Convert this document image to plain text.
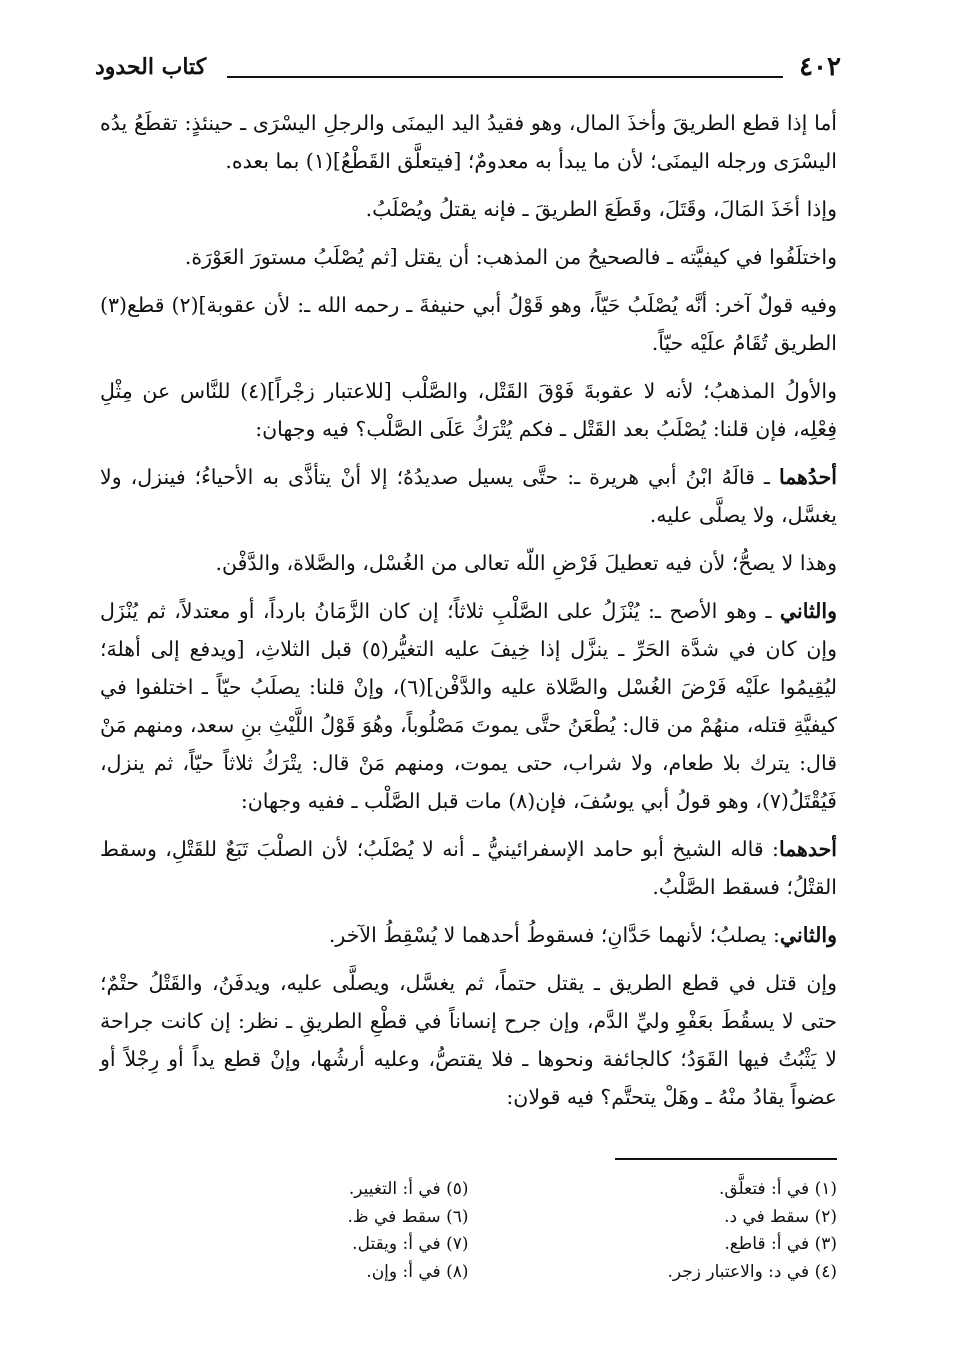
٤٠٢
كتاب الحدود

أما إذا قطع الطريقَ وأخذَ المال، وهو فقيدُ اليد اليمنَى والرجلِ اليسْرَى ـ حينئذٍ: تقطَعُ يدُه اليسْرَى ورجله اليمنَى؛ لأن ما يبدأ به معدومٌ؛ [فيتعلَّق القَطْعُ](١) بما بعده.

وإذا أخَذَ المَالَ، وقَتَلَ، وقَطَعَ الطريقَ ـ فإنه يقتلُ ويُصْلَبُ.

واختلَفُوا في كيفيَّته ـ فالصحيحُ من المذهب: أن يقتل [ثم يُصْلَبُ مستورَ العَوْرَة.

وفيه قولٌ آخر: أنَّه يُصْلَبُ حَيّاً، وهو قَوْلُ أبي حنيفةَ ـ رحمه الله ـ: لأن عقوبة](٢) قطع(٣) الطريق تُقَامُ علَيْه حيّاً.

والأولُ المذهبُ؛ لأنه لا عقوبةَ فَوْقَ القَتْل، والصَّلْب [للاعتبار زجْراً](٤) للنَّاس عن مِثْلِ فِعْلِه، فإن قلنا: يُصْلَبُ بعد القَتْل ـ فكم يُتْرَكُ عَلَى الصَّلْب؟ فيه وجهان:

أحدُهما ـ قالَهُ ابْنُ أبي هريرة ـ: حتَّى يسيل صديدُهُ؛ إلا أنْ يتأذَّى به الأحياءُ؛ فينزل، ولا يغسَّل، ولا يصلَّى عليه.

وهذا لا يصحُّ؛ لأن فيه تعطيلَ فَرْضِ اللّه تعالى من الغُسْل، والصَّلاة، والدَّفْن.

والثاني ـ وهو الأصح ـ: يُنْزَلُ على الصَّلْبِ ثلاثاً؛ إن كان الزَّمَانُ بارداً، أو معتدلاً، ثم يُنْزَل وإن كان في شدَّة الحَرِّ ـ ينزَّل إذا خِيفَ عليه التغيُّر(٥) قبل الثلاثِ، [ويدفع إلى أهلهَ؛ ليُقِيمُوا علَيْه فَرْضَ الغُسْل والصَّلاة عليه والدَّفْن](٦)، وإنْ قلنا: يصلَبُ حيّاً ـ اختلفوا في كيفيَّةِ قتله، منهُمْ من قال: يُطْعَنُ حتَّى يموتَ مَصْلُوباً، وهُوَ قَوْلُ اللَّيْثِ بنِ سعد، ومنهم مَنْ قال: يترك بلا طعام، ولا شراب، حتى يموت، ومنهم مَنْ قال: يتْرَكُ ثلاثاً حيّاً، ثم ينزل، فَيُقْتَلُ(٧)، وهو قولُ أبي يوسُفَ، فإن(٨) مات قبل الصَّلْب ـ ففيه وجهان:

أحدهما: قاله الشيخ أبو حامد الإسفرائينيُّ ـ أنه لا يُصْلَبُ؛ لأن الصلْبَ تَبَعٌ للقَتْلِ، وسقط القتْلُ؛ فسقط الصَّلْبُ.

والثاني: يصلبُ؛ لأنهما حَدَّانِ؛ فسقوطُ أحدهما لا يُسْقِطُ الآخر.

وإن قتل في قطع الطريق ـ يقتل حتماً، ثم يغسَّل، ويصلَّى عليه، ويدفَنُ، والقَتْلُ حتْمٌ؛ حتى لا يسقُطَ بعَفْوِ وليِّ الدَّم، وإن جرح إنساناً في قطْعِ الطريقِ ـ نظر: إن كانت جراحة لا يَثْبُتُ فيها القَوَدُ؛ كالجائفة ونحوها ـ فلا يقتصُّ، وعليه أرشُها، وإنْ قطع يداً أو رِجْلاً أو عضواً يقادُ منْهُ ـ وهَلْ يتحتَّم؟ فيه قولان:

(١) في أ: فتعلَّق.
(٢) سقط في د.
(٣) في أ: قاطع.
(٤) في د: والاعتبار زجر.
(٥) في أ: التغيير.
(٦) سقط في ظ.
(٧) في أ: ويقتل.
(٨) في أ: وإن.
